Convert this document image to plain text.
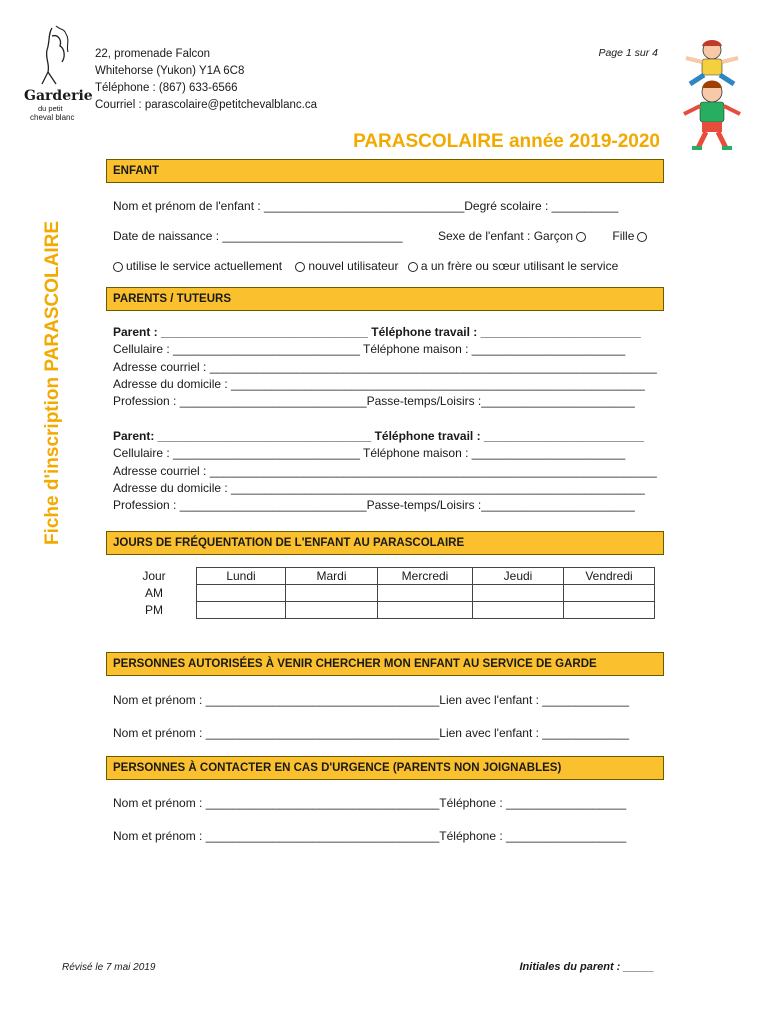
Garderie
du petit
cheval blanc
22, promenade Falcon
Whitehorse (Yukon) Y1A 6C8
Téléphone : (867) 633-6566
Courriel : parascolaire@petitchevalblanc.ca
Page 1 sur 4
PARASCOLAIRE année 2019-2020
Fiche d'inscription PARASCOLAIRE
ENFANT
Nom et prénom de l'enfant : ______________________________Degré scolaire : __________
Date de naissance : ___________________________	Sexe de l'enfant : Garçon	Fille
utilise le service actuellement nouvel utilisateur a un frère ou sœur utilisant le service
PARENTS / TUTEURS
Parent : _______________________________ Téléphone travail : ________________________
Cellulaire : ____________________________ Téléphone maison : _______________________
Adresse courriel : ___________________________________________________________________
Adresse du domicile : ______________________________________________________________
Profession : ____________________________Passe-temps/Loisirs :_______________________
Parent: ________________________________ Téléphone travail : ________________________
Cellulaire : ____________________________ Téléphone maison : _______________________
Adresse courriel : ___________________________________________________________________
Adresse du domicile : ______________________________________________________________
Profession : ____________________________Passe-temps/Loisirs :_______________________
JOURS DE FRÉQUENTATION DE L'ENFANT AU PARASCOLAIRE
Jour	Lundi	Mardi	Mercredi	Jeudi	Vendredi
AM					
PM					
PERSONNES AUTORISÉES À VENIR CHERCHER MON ENFANT AU SERVICE DE GARDE
Nom et prénom : ___________________________________Lien avec l'enfant : _____________
Nom et prénom : ___________________________________Lien avec l'enfant : _____________
PERSONNES À CONTACTER EN CAS D'URGENCE (PARENTS NON JOIGNABLES)
Nom et prénom : ___________________________________Téléphone : __________________
Nom et prénom : ___________________________________Téléphone : __________________
Révisé le 7 mai 2019	Initiales du parent : _____
